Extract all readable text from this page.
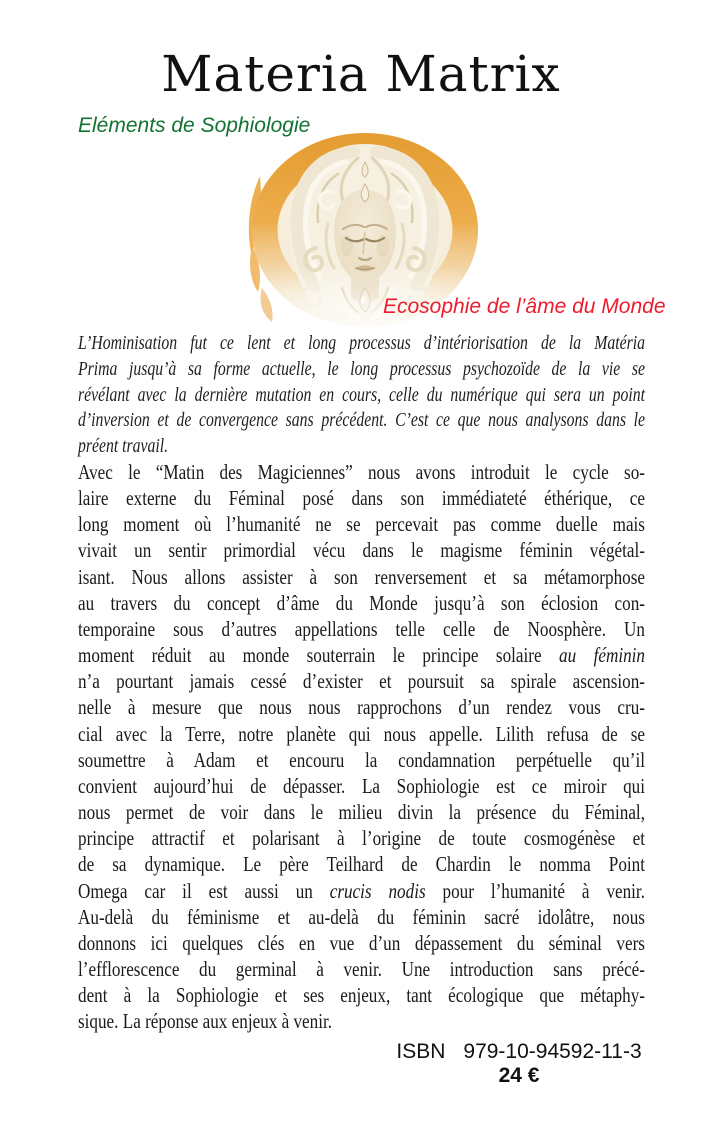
Materia Matrix
Eléments de Sophiologie
Ecosophie de l’âme du Monde
L’Hominisation fut ce lent et long processus d’intériorisation de la Matéria
Prima jusqu’à sa forme actuelle, le long processus psychozoïde de la vie se
révélant avec la dernière mutation en cours, celle du numérique qui sera un point
d’inversion et de convergence sans précédent. C’est ce que nous analysons dans le
préent travail.
Avec le “Matin des Magiciennes” nous avons introduit le cycle so-
laire externe du Féminal posé dans son immédiateté éthérique, ce
long moment où l’humanité ne se percevait pas comme duelle mais
vivait un sentir primordial vécu dans le magisme féminin végétal-
isant. Nous allons assister à son renversement et sa métamorphose
au travers du concept d’âme du Monde jusqu’à son éclosion con-
temporaine sous d’autres appellations telle celle de Noosphère. Un
moment réduit au monde souterrain le principe solaire au féminin
n’a pourtant jamais cessé d’exister et poursuit sa spirale ascension-
nelle à mesure que nous nous rapprochons d’un rendez vous cru-
cial avec la Terre, notre planète qui nous appelle. Lilith refusa de se
soumettre à Adam et encouru la condamnation perpétuelle qu’il
convient aujourd’hui de dépasser. La Sophiologie est ce miroir qui
nous permet de voir dans le milieu divin la présence du Féminal,
principe attractif et polarisant à l’origine de toute cosmogénèse et
de sa dynamique. Le père Teilhard de Chardin le nomma Point
Omega car il est aussi un crucis nodis pour l’humanité à venir.
Au-delà du féminisme et au-delà du féminin sacré idolâtre, nous
donnons ici quelques clés en vue d’un dépassement du séminal vers
l’efflorescence du germinal à venir. Une introduction sans précé-
dent à la Sophiologie et ses enjeux, tant écologique que métaphy-
sique. La réponse aux enjeux à venir.
ISBN 979-10-94592-11-3
24 €
